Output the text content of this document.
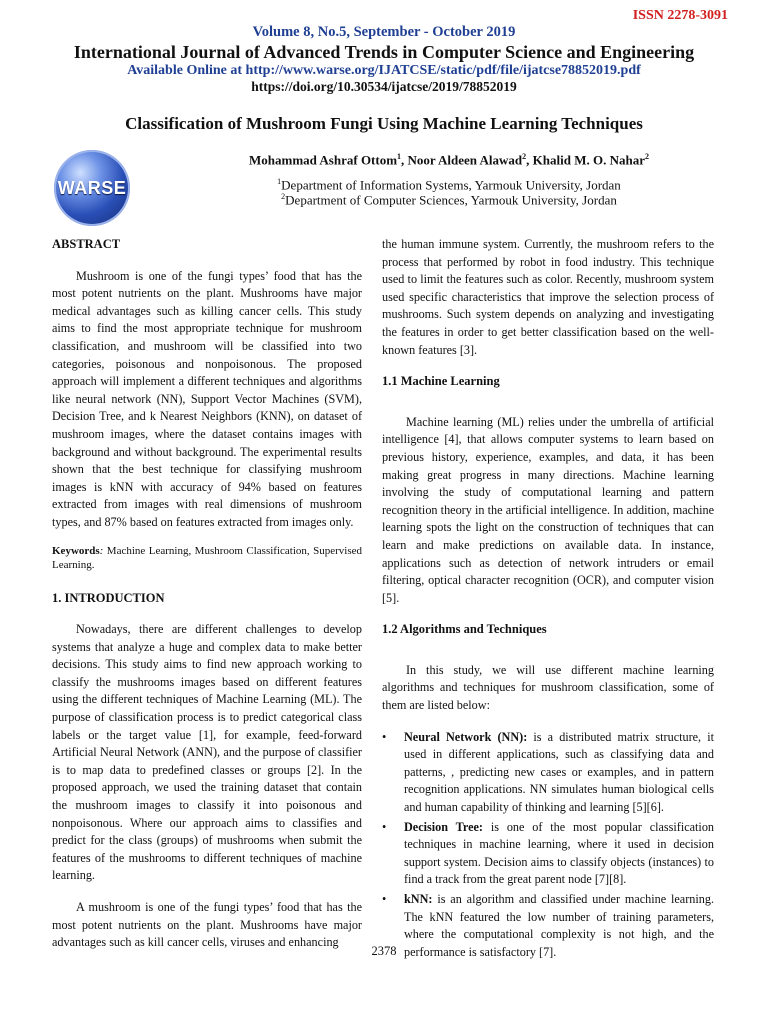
ISSN 2278-3091
Volume 8, No.5, September - October 2019
International Journal of Advanced Trends in Computer Science and Engineering
Available Online at http://www.warse.org/IJATCSE/static/pdf/file/ijatcse78852019.pdf
https://doi.org/10.30534/ijatcse/2019/78852019
WARSE
Classification of Mushroom Fungi Using Machine Learning Techniques
Mohammad Ashraf Ottom$^1$, Noor Aldeen Alawad$^2$, Khalid M. O. Nahar$^2$
$^1$Department of Information Systems, Yarmouk University, Jordan
$^2$Department of Computer Sciences, Yarmouk University, Jordan
ABSTRACT

Mushroom is one of the fungi types’ food that has the most potent nutrients on the plant. Mushrooms have major medical advantages such as killing cancer cells. This study aims to find the most appropriate technique for mushroom classification, and mushroom will be classified into two categories, poisonous and nonpoisonous. The proposed approach will implement a different techniques and algorithms like neural network (NN), Support Vector Machines (SVM), Decision Tree, and k Nearest Neighbors (KNN), on dataset of mushroom images, where the dataset contains images with background and without background. The experimental results shown that the best technique for classifying mushroom images is kNN with accuracy of 94% based on features extracted from images with real dimensions of mushroom types, and 87% based on features extracted from images only.

Keywords: Machine Learning, Mushroom Classification, Supervised Learning.
1. INTRODUCTION

Nowadays, there are different challenges to develop systems that analyze a huge and complex data to make better decisions. This study aims to find new approach working to classify the mushrooms images based on different features using the different techniques of Machine Learning (ML). The purpose of classification process is to predict categorical class labels or the target value [1], for example, feed-forward Artificial Neural Network (ANN), and the purpose of classifier is to map data to predefined classes or groups [2]. In the proposed approach, we used the training dataset that contain the mushroom images to classify it into poisonous and nonpoisonous. Where our approach aims to classifies and predict for the class (groups) of mushrooms when submit the features of the mushrooms to different techniques of machine learning.

A mushroom is one of the fungi types’ food that has the most potent nutrients on the plant. Mushrooms have major advantages such as kill cancer cells, viruses and enhancing

the human immune system. Currently, the mushroom refers to the process that performed by robot in food industry. This technique used to limit the features such as color. Recently, mushroom system used specific characteristics that improve the selection process of mushrooms. Such system depends on analyzing and investigating the features in order to get better classification based on the well-known features [3].

1.1 Machine Learning

Machine learning (ML) relies under the umbrella of artificial intelligence [4], that allows computer systems to learn based on previous history, experience, examples, and data, it has been making great progress in many directions. Machine learning involving the study of computational learning and pattern recognition theory in the artificial intelligence. In addition, machine learning spots the light on the construction of techniques that can learn and make predictions on available data. In instance, applications such as detection of network intruders or email filtering, optical character recognition (OCR), and computer vision [5].

1.2 Algorithms and Techniques

In this study, we will use different machine learning algorithms and techniques for mushroom classification, some of them are listed below:

• Neural Network (NN): is a distributed matrix structure, it used in different applications, such as classifying data and patterns, , predicting new cases or examples, and in pattern recognition applications. NN simulates human biological cells and human capability of thinking and learning [5][6].
• Decision Tree: is one of the most popular classification techniques in machine learning, where it used in decision support system. Decision aims to classify objects (instances) to find a track from the great parent node [7][8].
• kNN: is an algorithm and classified under machine learning. The kNN featured the low number of training parameters, where the computational complexity is not high, and the performance is satisfactory [7].
2378
